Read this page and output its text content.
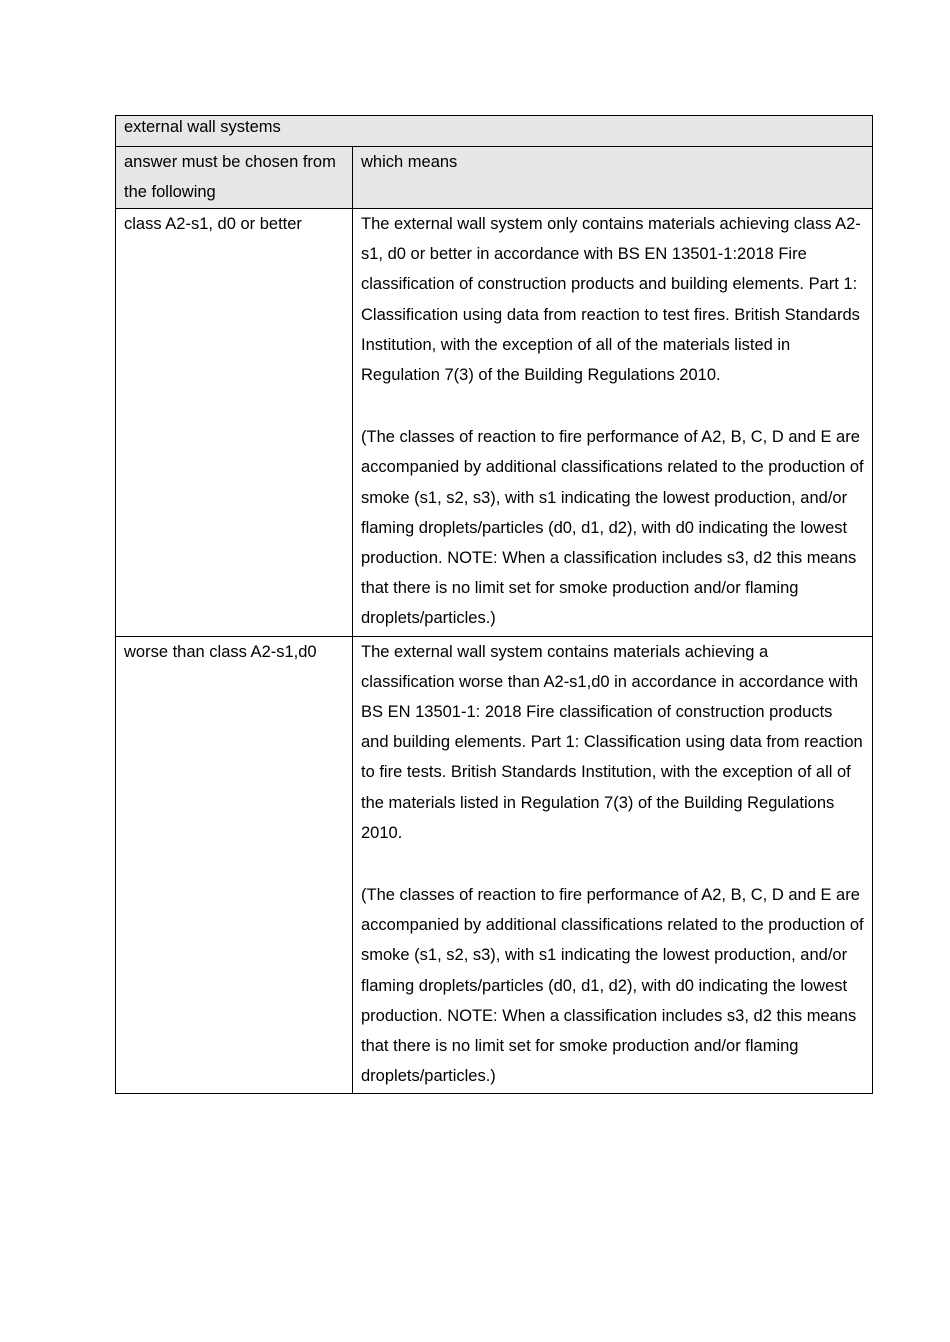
external wall systems	
answer must be chosen from the following	which means
class A2-s1, d0 or better	The external wall system only contains materials achieving class A2-s1, d0 or better in accordance with BS EN 13501-1:2018 Fire classification of construction products and building elements. Part 1: Classification using data from reaction to test fires. British Standards Institution, with the exception of all of the materials listed in Regulation 7(3) of the Building Regulations 2010.
(The classes of reaction to fire performance of A2, B, C, D and E are accompanied by additional classifications related to the production of smoke (s1, s2, s3), with s1 indicating the lowest production, and/or flaming droplets/particles (d0, d1, d2), with d0 indicating the lowest production. NOTE: When a classification includes s3, d2 this means that there is no limit set for smoke production and/or flaming droplets/particles.)

worse than class A2-s1,d0	The external wall system contains materials achieving a classification worse than A2-s1,d0 in accordance in accordance with BS EN 13501-1: 2018 Fire classification of construction products and building elements. Part 1: Classification using data from reaction to fire tests. British Standards Institution, with the exception of all of the materials listed in Regulation 7(3) of the Building Regulations 2010.
(The classes of reaction to fire performance of A2, B, C, D and E are accompanied by additional classifications related to the production of smoke (s1, s2, s3), with s1 indicating the lowest production, and/or flaming droplets/particles (d0, d1, d2), with d0 indicating the lowest production. NOTE: When a classification includes s3, d2 this means that there is no limit set for smoke production and/or flaming droplets/particles.)
